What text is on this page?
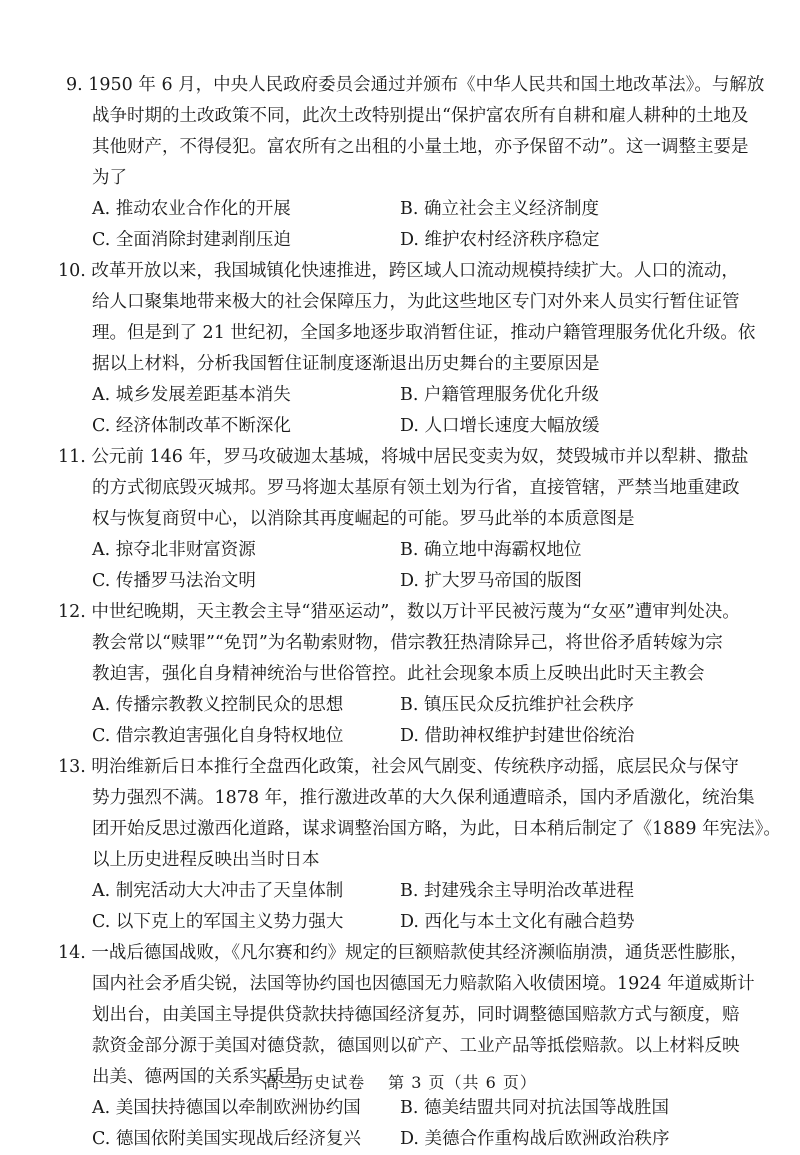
9. 1950 年 6 月，中央人民政府委员会通过并颁布《中华人民共和国土地改革法》。与解放
战争时期的土改政策不同，此次土改特别提出“保护富农所有自耕和雇人耕种的土地及
其他财产，不得侵犯。富农所有之出租的小量土地，亦予保留不动”。这一调整主要是
为了
A. 推动农业合作化的开展	B. 确立社会主义经济制度
C. 全面消除封建剥削压迫	D. 维护农村经济秩序稳定
10. 改革开放以来，我国城镇化快速推进，跨区域人口流动规模持续扩大。人口的流动，
给人口聚集地带来极大的社会保障压力，为此这些地区专门对外来人员实行暂住证管
理。但是到了 21 世纪初，全国多地逐步取消暂住证，推动户籍管理服务优化升级。依
据以上材料，分析我国暂住证制度逐渐退出历史舞台的主要原因是
A. 城乡发展差距基本消失	B. 户籍管理服务优化升级
C. 经济体制改革不断深化	D. 人口增长速度大幅放缓
11. 公元前 146 年，罗马攻破迦太基城，将城中居民变卖为奴，焚毁城市并以犁耕、撒盐
的方式彻底毁灭城邦。罗马将迦太基原有领土划为行省，直接管辖，严禁当地重建政
权与恢复商贸中心，以消除其再度崛起的可能。罗马此举的本质意图是
A. 掠夺北非财富资源	B. 确立地中海霸权地位
C. 传播罗马法治文明	D. 扩大罗马帝国的版图
12. 中世纪晚期，天主教会主导“猎巫运动”，数以万计平民被污蔑为“女巫”遭审判处决。
教会常以“赎罪”“免罚”为名勒索财物，借宗教狂热清除异己，将世俗矛盾转嫁为宗
教迫害，强化自身精神统治与世俗管控。此社会现象本质上反映出此时天主教会
A. 传播宗教教义控制民众的思想	B. 镇压民众反抗维护社会秩序
C. 借宗教迫害强化自身特权地位	D. 借助神权维护封建世俗统治
13. 明治维新后日本推行全盘西化政策，社会风气剧变、传统秩序动摇，底层民众与保守
势力强烈不满。1878 年，推行激进改革的大久保利通遭暗杀，国内矛盾激化，统治集
团开始反思过激西化道路，谋求调整治国方略，为此，日本稍后制定了《1889 年宪法》。
以上历史进程反映出当时日本
A. 制宪活动大大冲击了天皇体制	B. 封建残余主导明治改革进程
C. 以下克上的军国主义势力强大	D. 西化与本土文化有融合趋势
14. 一战后德国战败，《凡尔赛和约》规定的巨额赔款使其经济濒临崩溃，通货恶性膨胀，
国内社会矛盾尖锐，法国等协约国也因德国无力赔款陷入收债困境。1924 年道威斯计
划出台，由美国主导提供贷款扶持德国经济复苏，同时调整德国赔款方式与额度，赔
款资金部分源于美国对德贷款，德国则以矿产、工业产品等抵偿赔款。以上材料反映
出美、德两国的关系实质是
A. 美国扶持德国以牵制欧洲协约国	B. 德美结盟共同对抗法国等战胜国
C. 德国依附美国实现战后经济复兴	D. 美德合作重构战后欧洲政治秩序
高三历史试卷　 第 3 页（共 6 页）
